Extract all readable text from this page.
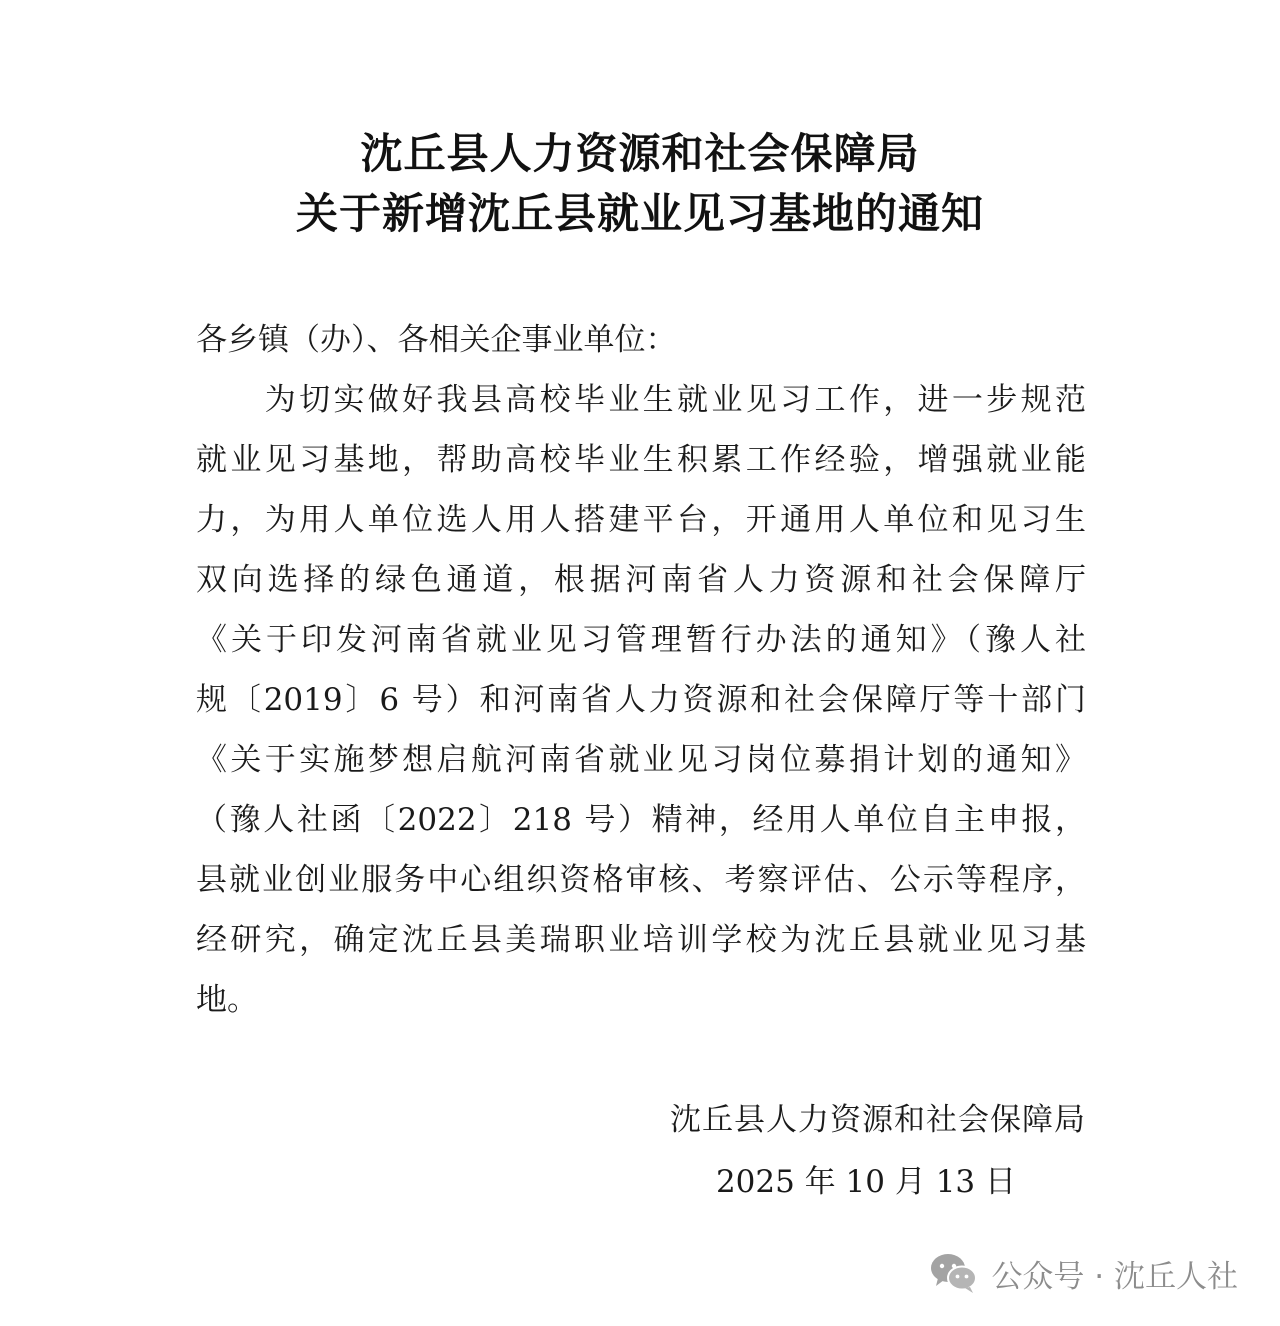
沈丘县人力资源和社会保障局
关于新增沈丘县就业见习基地的通知

各乡镇（办）、各相关企事业单位：

　　为切实做好我县高校毕业生就业见习工作，进一步规范

就业见习基地，帮助高校毕业生积累工作经验，增强就业能

力，为用人单位选人用人搭建平台，开通用人单位和见习生

双向选择的绿色通道，根据河南省人力资源和社会保障厅

《关于印发河南省就业见习管理暂行办法的通知》（豫人社

规〔2019〕6 号）和河南省人力资源和社会保障厅等十部门

《关于实施梦想启航河南省就业见习岗位募捐计划的通知》

（豫人社函〔2022〕218 号）精神，经用人单位自主申报，

县就业创业服务中心组织资格审核、考察评估、公示等程序，

经研究，确定沈丘县美瑞职业培训学校为沈丘县就业见习基

地。

沈丘县人力资源和社会保障局

2025 年 10 月 13 日

公众号 · 沈丘人社
